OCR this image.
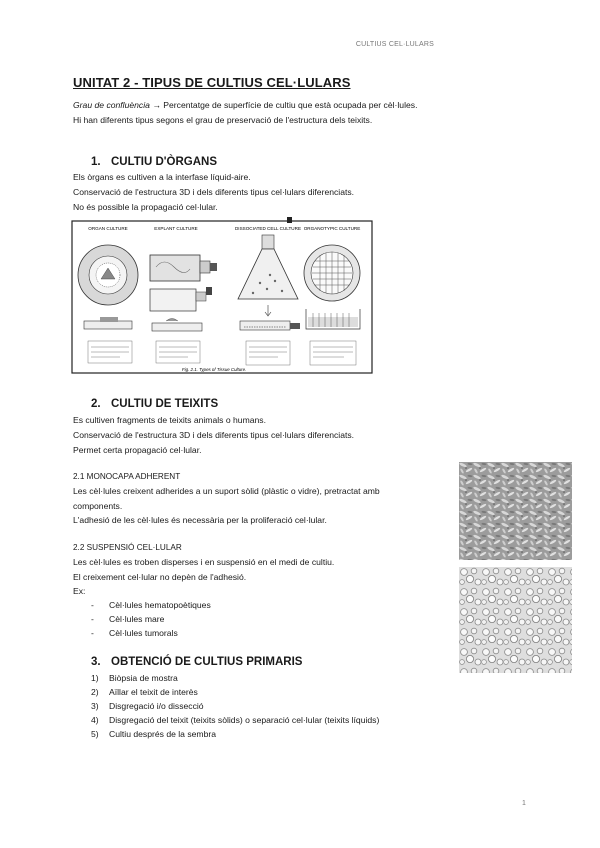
CULTIUS CEL·LULARS
UNITAT 2 - TIPUS DE CULTIUS CEL·LULARS
Grau de confluència → Percentatge de superfície de cultiu que està ocupada per cèl·lules.
Hi han diferents tipus segons el grau de preservació de l'estructura dels teixits.
1. CULTIU D'ÒRGANS
Els òrgans es cultiven a la interfase líquid-aire.
Conservació de l'estructura 3D i dels diferents tipus cel·lulars diferenciats.
No és possible la propagació cel·lular.
ORGAN CULTURE	EXPLANT CULTURE	DISSOCIATED CELL CULTURE ORGANOTYPIC CULTURE
Fig. 2.1. Types of Tissue Culture.
2. CULTIU DE TEIXITS
Es cultiven fragments de teixits animals o humans.
Conservació de l'estructura 3D i dels diferents tipus cel·lulars diferenciats.
Permet certa propagació cel·lular.
2.1 MONOCAPA ADHERENT
Les cèl·lules creixent adherides a un suport sòlid (plàstic o vidre), pretractat amb
components.
L'adhesió de les cèl·lules és necessària per la proliferació cel·lular.
2.2 SUSPENSIÓ CEL·LULAR
Les cèl·lules es troben disperses i en suspensió en el medi de cultiu.
El creixement cel·lular no depèn de l'adhesió.
Ex:
- Cèl·lules hematopoètiques
- Cèl·lules mare
- Cèl·lules tumorals
3. OBTENCIÓ DE CULTIUS PRIMARIS
1) Biòpsia de mostra
2) Aïllar el teixit de interès
3) Disgregació i/o dissecció
4) Disgregació del teixit (teixits sòlids) o separació cel·lular (teixits líquids)
5) Cultiu després de la sembra
1
